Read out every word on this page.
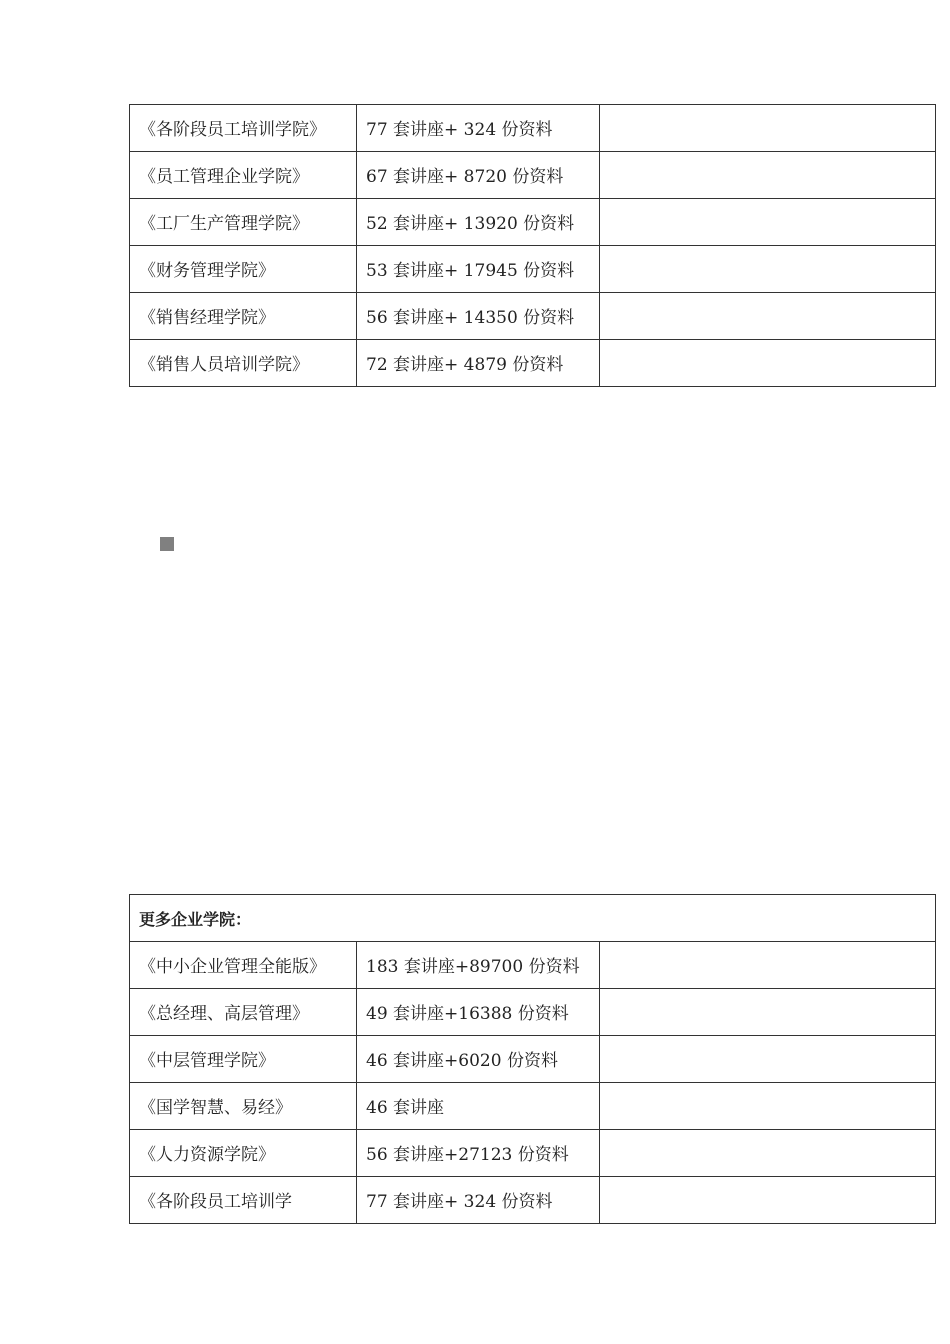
《各阶段员工培训学院》	77 套讲座+ 324 份资料	
《员工管理企业学院》	67 套讲座+ 8720 份资料	
《工厂生产管理学院》	52 套讲座+ 13920 份资料	
《财务管理学院》	53 套讲座+ 17945 份资料	
《销售经理学院》	56 套讲座+ 14350 份资料	
《销售人员培训学院》	72 套讲座+ 4879 份资料	
更多企业学院：		
《中小企业管理全能版》	183 套讲座+89700 份资料	
《总经理、高层管理》	49 套讲座+16388 份资料	
《中层管理学院》	46 套讲座+6020 份资料	
《国学智慧、易经》	46 套讲座	
《人力资源学院》	56 套讲座+27123 份资料	
《各阶段员工培训学	77 套讲座+ 324 份资料	
